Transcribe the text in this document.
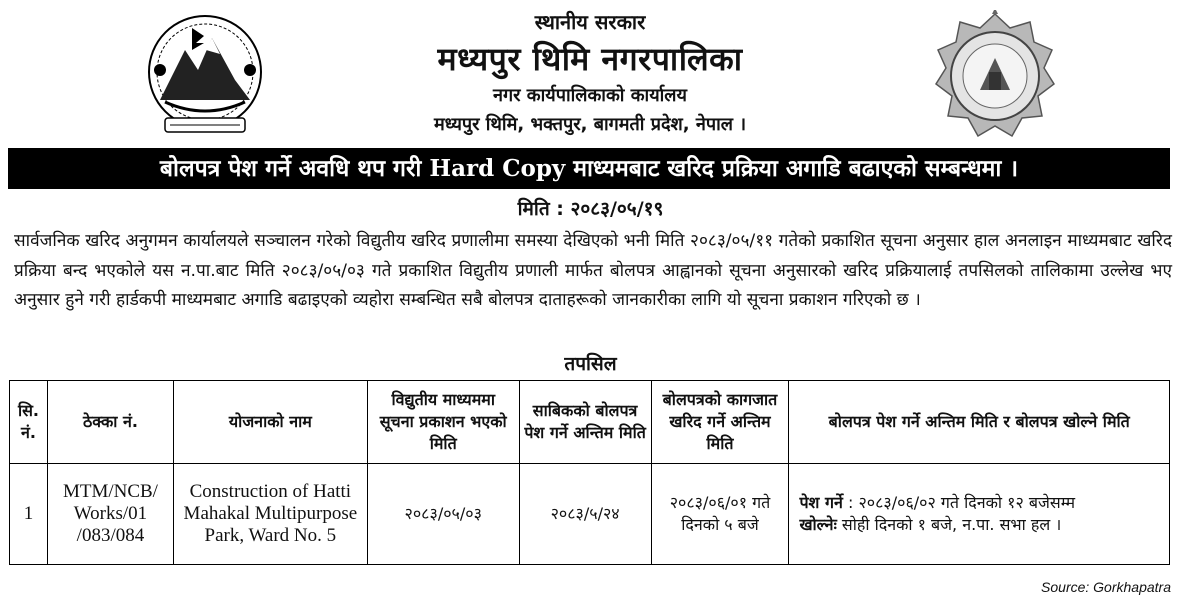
स्थानीय सरकार
मध्यपुर थिमि नगरपालिका
नगर कार्यपालिकाको कार्यालय
मध्यपुर थिमि, भक्तपुर, बागमती प्रदेश, नेपाल ।
बोलपत्र पेश गर्ने अवधि थप गरी Hard Copy माध्यमबाट खरिद प्रक्रिया अगाडि बढाएको सम्बन्धमा ।
मिति : २०८३/०५/१९
सार्वजनिक खरिद अनुगमन कार्यालयले सञ्चालन गरेको विद्युतीय खरिद प्रणालीमा समस्या देखिएको भनी मिति २०८३/०५/११ गतेको प्रकाशित सूचना अनुसार हाल अनलाइन माध्यमबाट खरिद प्रक्रिया बन्द भएकोले यस न.पा.बाट मिति २०८३/०५/०३ गते प्रकाशित विद्युतीय प्रणाली मार्फत बोलपत्र आह्वानको सूचना अनुसारको खरिद प्रक्रियालाई तपसिलको तालिकामा उल्लेख भए अनुसार हुने गरी हार्डकपी माध्यमबाट अगाडि बढाइएको व्यहोरा सम्बन्धित सबै बोलपत्र दाताहरूको जानकारीका लागि यो सूचना प्रकाशन गरिएको छ ।
तपसिल
सि. नं.	ठेक्का नं.	योजनाको नाम	विद्युतीय माध्यममा सूचना प्रकाशन भएको मिति	साबिकको बोलपत्र पेश गर्ने अन्तिम मिति	बोलपत्रको कागजात खरिद गर्ने अन्तिम मिति	बोलपत्र पेश गर्ने अन्तिम मिति र बोलपत्र खोल्ने मिति
1	MTM/NCB/ Works/01 /083/084	Construction of Hatti Mahakal Multipurpose Park, Ward No. 5	२०८३/०५/०३	२०८३/५/२४	२०८३/०६/०१ गते दिनको ५ बजे	पेश गर्ने : २०८३/०६/०२ गते दिनको १२ बजेसम्म
खोल्नेः सोही दिनको १ बजे, न.पा. सभा हल ।
Source: Gorkhapatra
